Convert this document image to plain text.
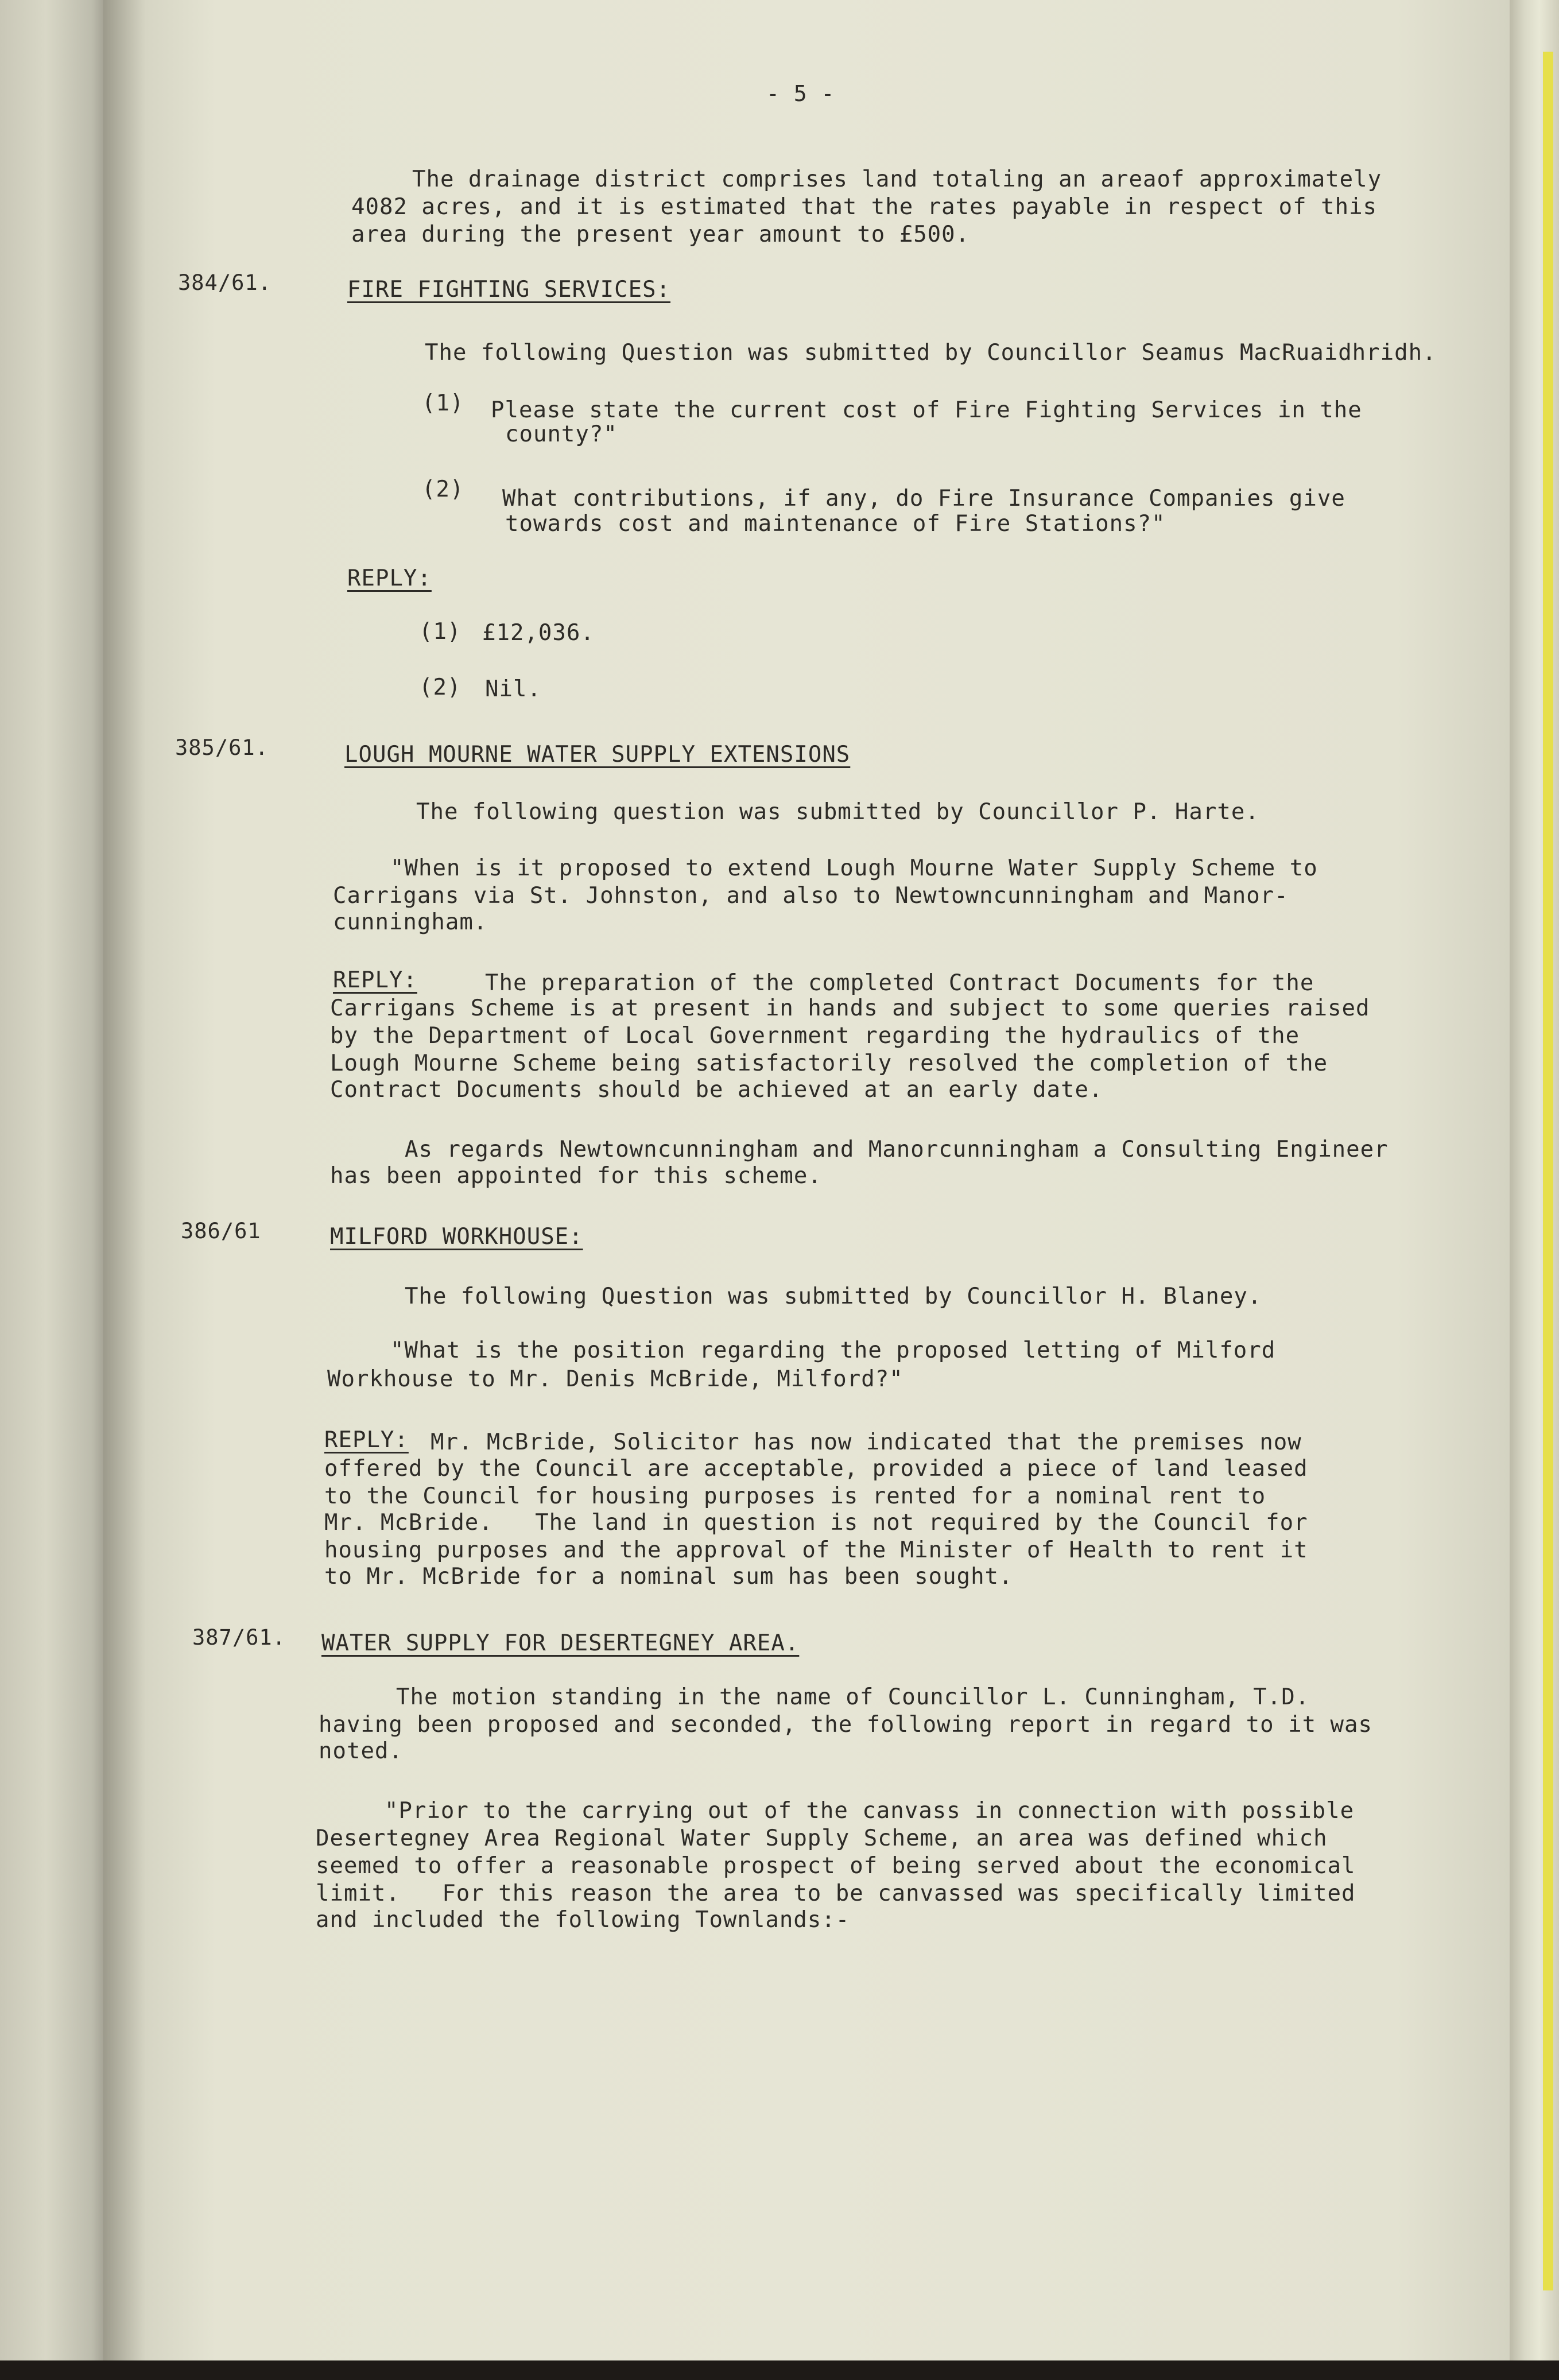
- 5 -
The drainage district comprises land totaling an areaof approximately
4082 acres, and it is estimated that the rates payable in respect of this
area during the present year amount to £500.
384/61.	FIRE FIGHTING SERVICES:
The following Question was submitted by Councillor Seamus MacRuaidhridh.
(1) Please state the current cost of Fire Fighting Services in the
county?"
(2) What contributions, if any, do Fire Insurance Companies give
towards cost and maintenance of Fire Stations?"
REPLY:
(1) £12,036.
(2) Nil.
385/61.	LOUGH MOURNE WATER SUPPLY EXTENSIONS
The following question was submitted by Councillor P. Harte.
"When is it proposed to extend Lough Mourne Water Supply Scheme to
Carrigans via St. Johnston, and also to Newtowncunningham and Manor-
cunningham.
REPLY:	The preparation of the completed Contract Documents for the
Carrigans Scheme is at present in hands and subject to some queries raised
by the Department of Local Government regarding the hydraulics of the
Lough Mourne Scheme being satisfactorily resolved the completion of the
Contract Documents should be achieved at an early date.
As regards Newtowncunningham and Manorcunningham a Consulting Engineer
has been appointed for this scheme.
386/61	MILFORD WORKHOUSE:
The following Question was submitted by Councillor H. Blaney.
"What is the position regarding the proposed letting of Milford
Workhouse to Mr. Denis McBride, Milford?"
REPLY: Mr. McBride, Solicitor has now indicated that the premises now
offered by the Council are acceptable, provided a piece of land leased
to the Council for housing purposes is rented for a nominal rent to
Mr. McBride.   The land in question is not required by the Council for
housing purposes and the approval of the Minister of Health to rent it
to Mr. McBride for a nominal sum has been sought.
387/61. WATER SUPPLY FOR DESERTEGNEY AREA.
The motion standing in the name of Councillor L. Cunningham, T.D.
having been proposed and seconded, the following report in regard to it was
noted.
"Prior to the carrying out of the canvass in connection with possible
Desertegney Area Regional Water Supply Scheme, an area was defined which
seemed to offer a reasonable prospect of being served about the economical
limit.   For this reason the area to be canvassed was specifically limited
and included the following Townlands:-
